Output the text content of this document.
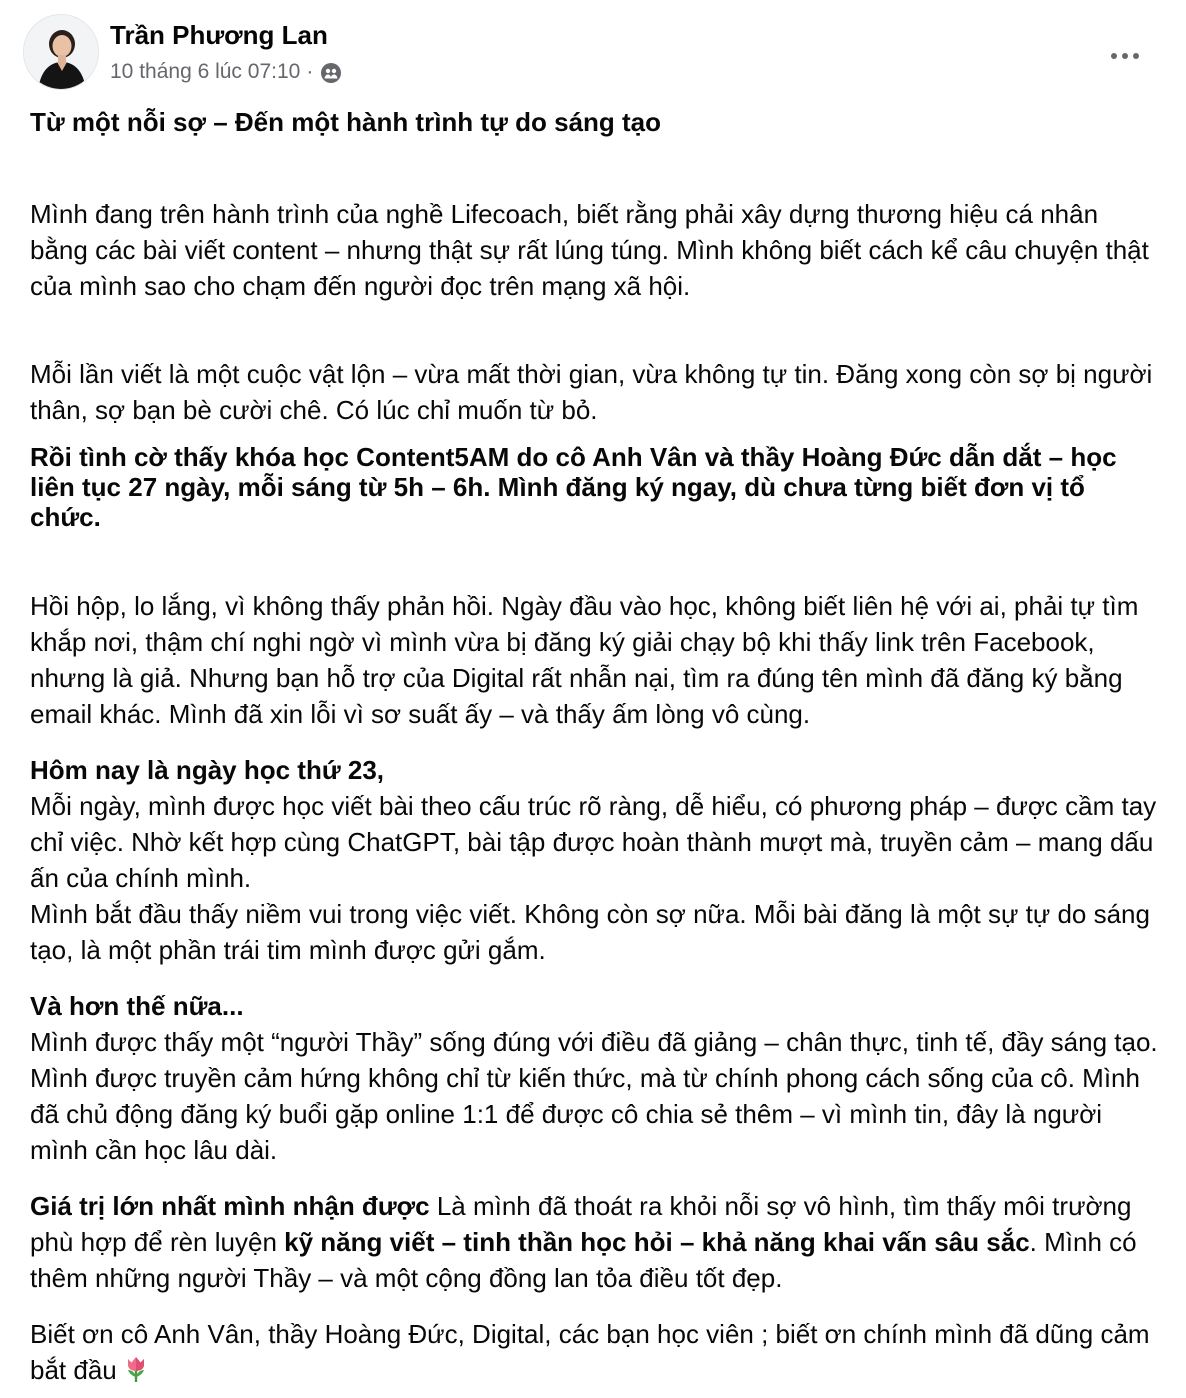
Trần Phương Lan
10 tháng 6 lúc 07:10 ·

Từ một nỗi sợ – Đến một hành trình tự do sáng tạo

Mình đang trên hành trình của nghề Lifecoach, biết rằng phải xây dựng thương hiệu cá nhân bằng các bài viết content – nhưng thật sự rất lúng túng. Mình không biết cách kể câu chuyện thật của mình sao cho chạm đến người đọc trên mạng xã hội.

Mỗi lần viết là một cuộc vật lộn – vừa mất thời gian, vừa không tự tin. Đăng xong còn sợ bị người thân, sợ bạn bè cười chê. Có lúc chỉ muốn từ bỏ.

Rồi tình cờ thấy khóa học Content5AM do cô Anh Vân và thầy Hoàng Đức dẫn dắt – học liên tục 27 ngày, mỗi sáng từ 5h – 6h. Mình đăng ký ngay, dù chưa từng biết đơn vị tổ chức.

Hồi hộp, lo lắng, vì không thấy phản hồi. Ngày đầu vào học, không biết liên hệ với ai, phải tự tìm khắp nơi, thậm chí nghi ngờ vì mình vừa bị đăng ký giải chạy bộ khi thấy link trên Facebook, nhưng là giả. Nhưng bạn hỗ trợ của Digital rất nhẫn nại, tìm ra đúng tên mình đã đăng ký bằng email khác. Mình đã xin lỗi vì sơ suất ấy – và thấy ấm lòng vô cùng.

Hôm nay là ngày học thứ 23,

Mỗi ngày, mình được học viết bài theo cấu trúc rõ ràng, dễ hiểu, có phương pháp – được cầm tay chỉ việc. Nhờ kết hợp cùng ChatGPT, bài tập được hoàn thành mượt mà, truyền cảm – mang dấu ấn của chính mình.

Mình bắt đầu thấy niềm vui trong việc viết. Không còn sợ nữa. Mỗi bài đăng là một sự tự do sáng tạo, là một phần trái tim mình được gửi gắm.

Và hơn thế nữa...

Mình được thấy một “người Thầy” sống đúng với điều đã giảng – chân thực, tinh tế, đầy sáng tạo. Mình được truyền cảm hứng không chỉ từ kiến thức, mà từ chính phong cách sống của cô. Mình đã chủ động đăng ký buổi gặp online 1:1 để được cô chia sẻ thêm – vì mình tin, đây là người mình cần học lâu dài.

Giá trị lớn nhất mình nhận được Là mình đã thoát ra khỏi nỗi sợ vô hình, tìm thấy môi trường phù hợp để rèn luyện kỹ năng viết – tinh thần học hỏi – khả năng khai vấn sâu sắc. Mình có thêm những người Thầy – và một cộng đồng lan tỏa điều tốt đẹp.

Biết ơn cô Anh Vân, thầy Hoàng Đức, Digital, các bạn học viên ; biết ơn chính mình đã dũng cảm bắt đầu
